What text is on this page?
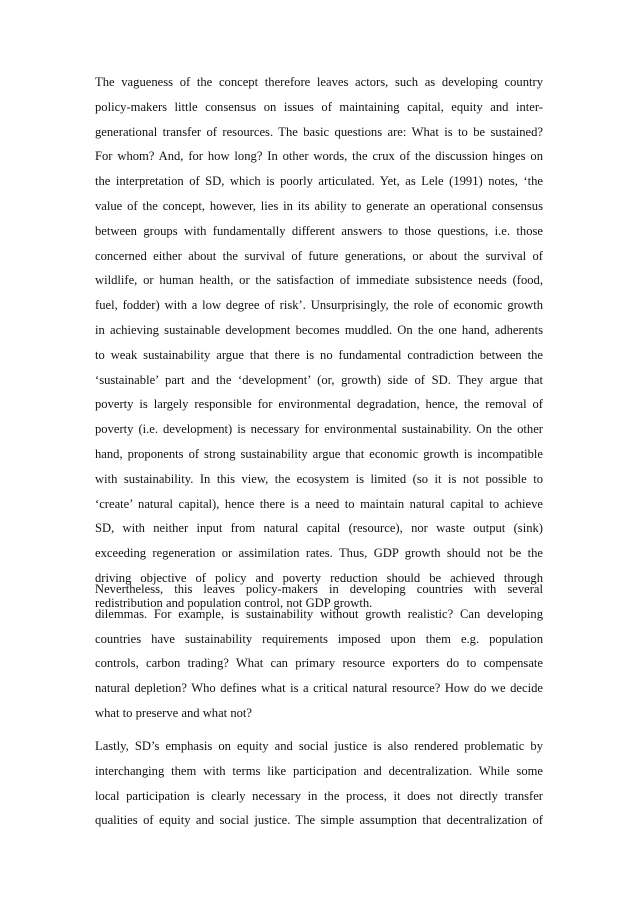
The vagueness of the concept therefore leaves actors, such as developing country
policy-makers little consensus on issues of maintaining capital, equity and inter-
generational transfer of resources. The basic questions are: What is to be sustained?
For whom? And, for how long? In other words, the crux of the discussion hinges on
the interpretation of SD, which is poorly articulated. Yet, as Lele (1991) notes, ‘the
value of the concept, however, lies in its ability to generate an operational consensus
between groups with fundamentally different answers to those questions, i.e. those
concerned either about the survival of future generations, or about the survival of
wildlife, or human health, or the satisfaction of immediate subsistence needs (food,
fuel, fodder) with a low degree of risk’. Unsurprisingly, the role of economic growth
in achieving sustainable development becomes muddled. On the one hand, adherents
to weak sustainability argue that there is no fundamental contradiction between the
‘sustainable’ part and the ‘development’ (or, growth) side of SD. They argue that
poverty is largely responsible for environmental degradation, hence, the removal of
poverty (i.e. development) is necessary for environmental sustainability. On the other
hand, proponents of strong sustainability argue that economic growth is incompatible
with sustainability. In this view, the ecosystem is limited (so it is not possible to
‘create’ natural capital), hence there is a need to maintain natural capital to achieve
SD, with neither input from natural capital (resource), nor waste output (sink)
exceeding regeneration or assimilation rates. Thus, GDP growth should not be the
driving objective of policy and poverty reduction should be achieved through
redistribution and population control, not GDP growth.
Nevertheless, this leaves policy-makers in developing countries with several
dilemmas. For example, is sustainability without growth realistic? Can developing
countries have sustainability requirements imposed upon them e.g. population
controls, carbon trading? What can primary resource exporters do to compensate
natural depletion? Who defines what is a critical natural resource? How do we decide
what to preserve and what not?
Lastly, SD’s emphasis on equity and social justice is also rendered problematic by
interchanging them with terms like participation and decentralization. While some
local participation is clearly necessary in the process, it does not directly transfer
qualities of equity and social justice. The simple assumption that decentralization of
